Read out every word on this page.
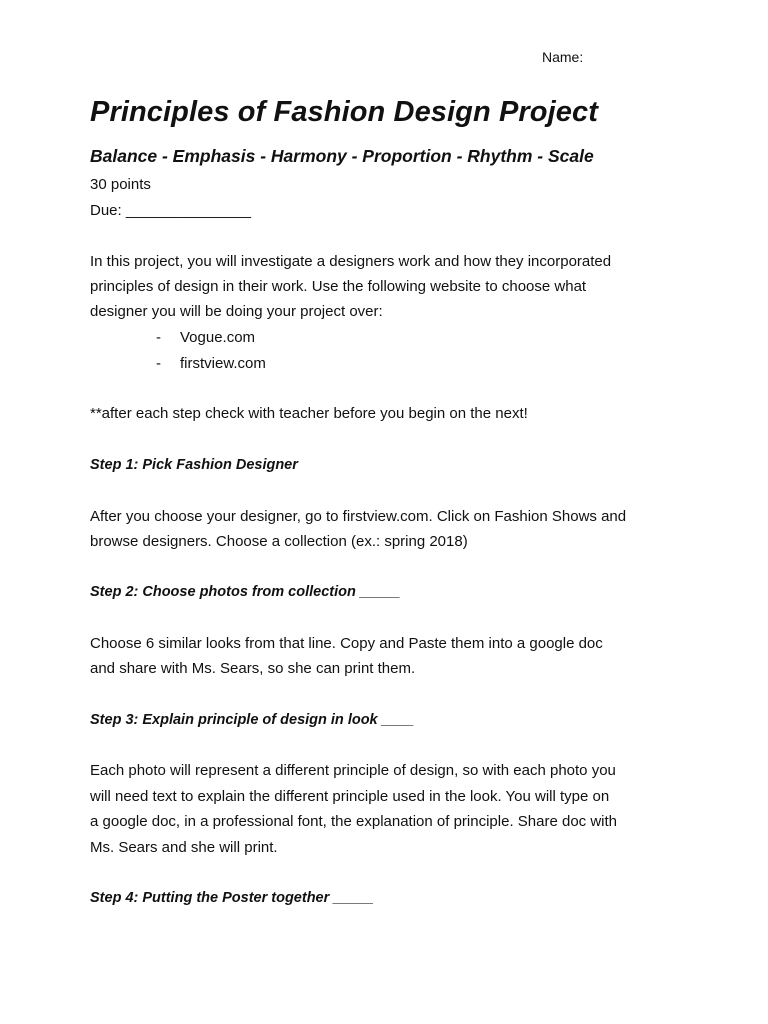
Name:
Principles of Fashion Design Project
Balance - Emphasis - Harmony - Proportion - Rhythm - Scale
30 points
Due: _______________
In this project, you will investigate a designers work and how they incorporated
principles of design in their work. Use the following website to choose what
designer you will be doing your project over:
- Vogue.com
- firstview.com
**after each step check with teacher before you begin on the next!
Step 1: Pick Fashion Designer
After you choose your designer, go to firstview.com. Click on Fashion Shows and
browse designers. Choose a collection (ex.: spring 2018)
Step 2: Choose photos from collection _____
Choose 6 similar looks from that line. Copy and Paste them into a google doc
and share with Ms. Sears, so she can print them.
Step 3: Explain principle of design in look ____
Each photo will represent a different principle of design, so with each photo you
will need text to explain the different principle used in the look. You will type on
a google doc, in a professional font, the explanation of principle. Share doc with
Ms. Sears and she will print.
Step 4: Putting the Poster together _____
